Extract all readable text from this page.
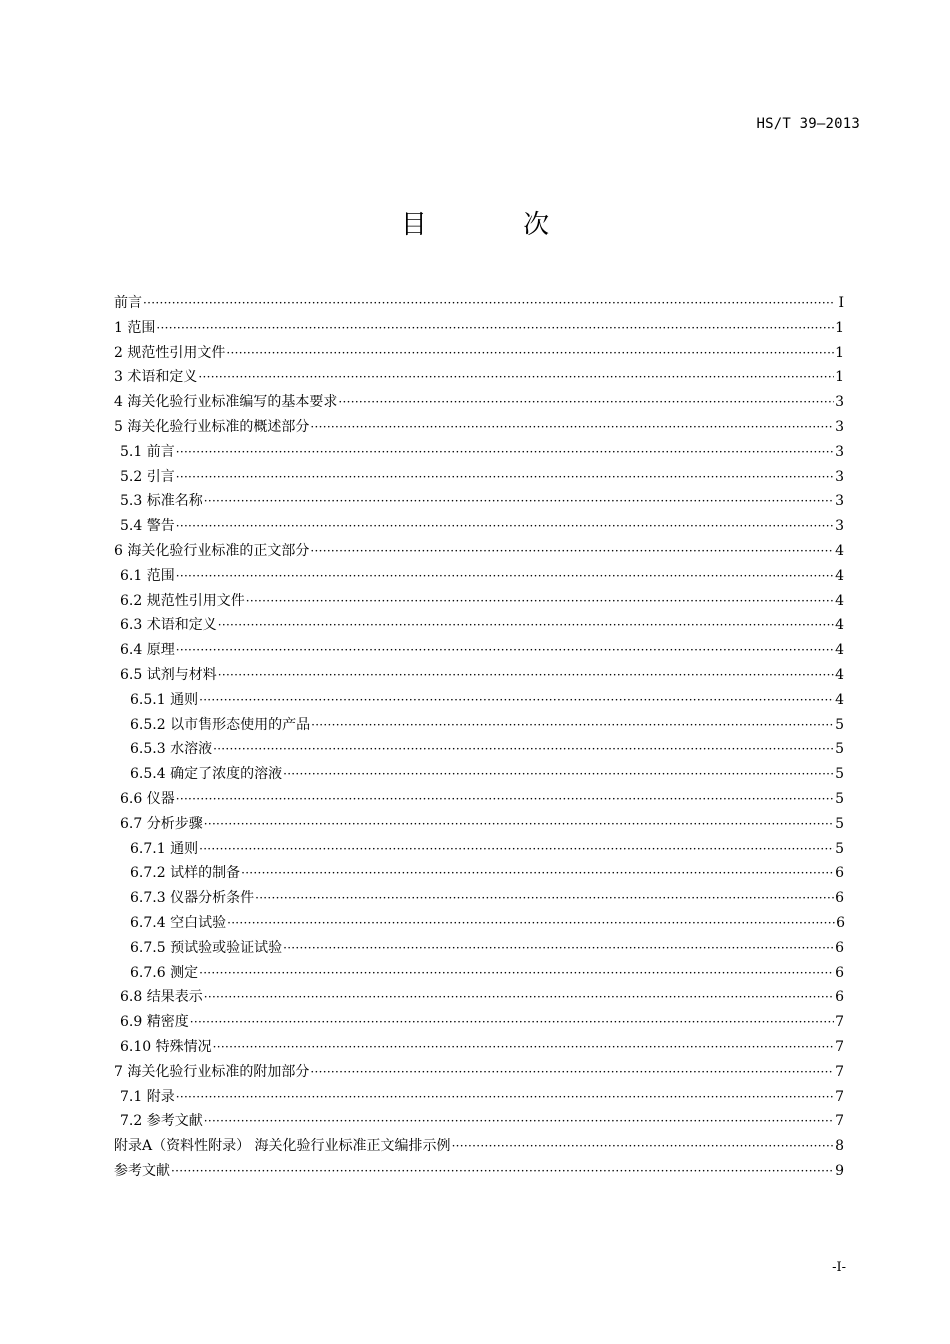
HS/T 39—2013
目 次
前言 ·····	I
1 范围 ·····	1
2 规范性引用文件 ·····	1
3 术语和定义 ·····	1
4 海关化验行业标准编写的基本要求 ·····	3
5 海关化验行业标准的概述部分 ·····	3
5.1 前言 ·····	3
5.2 引言 ·····	3
5.3 标准名称 ·····	3
5.4 警告 ·····	3
6 海关化验行业标准的正文部分 ·····	4
6.1 范围 ·····	4
6.2 规范性引用文件 ·····	4
6.3 术语和定义 ·····	4
6.4 原理 ·····	4
6.5 试剂与材料 ·····	4
6.5.1 通则 ·····	4
6.5.2 以市售形态使用的产品 ·····	5
6.5.3 水溶液 ·····	5
6.5.4 确定了浓度的溶液 ·····	5
6.6 仪器 ·····	5
6.7 分析步骤 ·····	5
6.7.1 通则 ·····	5
6.7.2 试样的制备 ·····	6
6.7.3 仪器分析条件 ·····	6
6.7.4 空白试验 ·····	6
6.7.5 预试验或验证试验 ·····	6
6.7.6 测定 ·····	6
6.8 结果表示 ·····	6
6.9 精密度 ·····	7
6.10 特殊情况 ·····	7
7 海关化验行业标准的附加部分 ·····	7
7.1 附录 ·····	7
7.2 参考文献 ·····	7
附录A（资料性附录） 海关化验行业标准正文编排示例 ·····	8
参考文献 ·····	9
-I-
